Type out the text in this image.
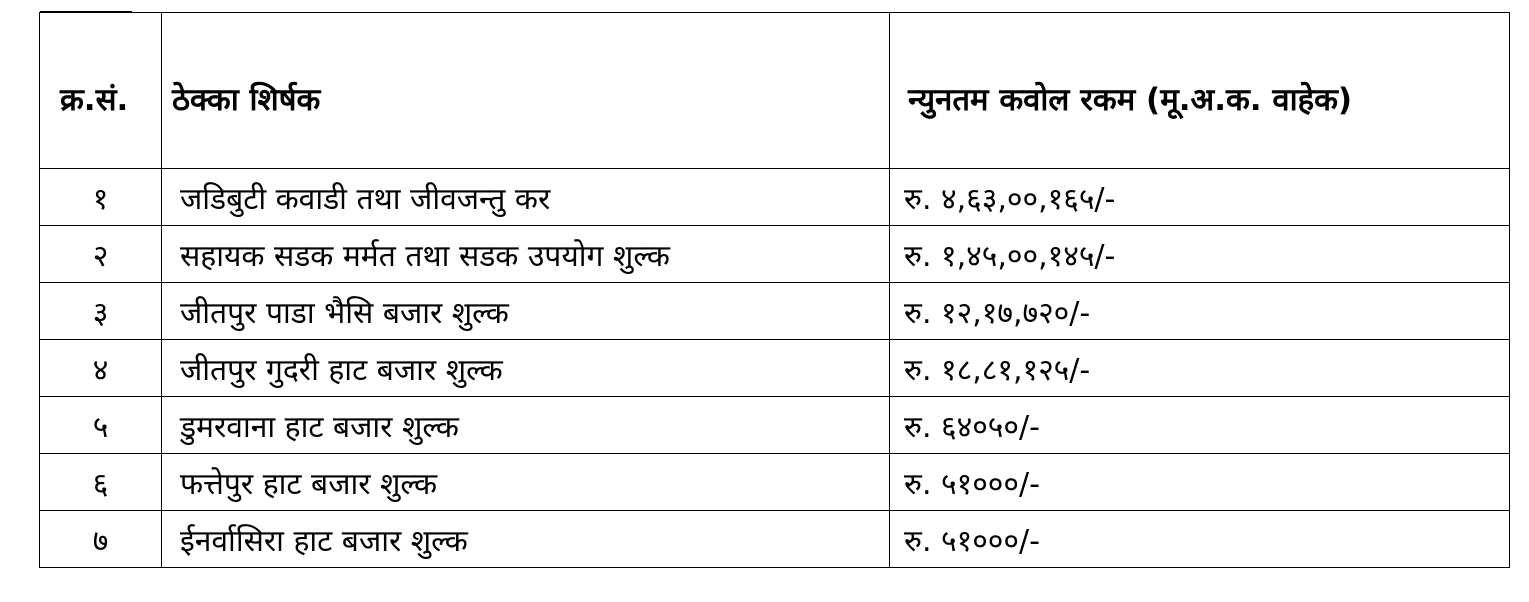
क्र.सं.	ठेक्का शिर्षक	न्युनतम कवोल रकम (मू.अ.क. वाहेक)
१	जडिबुटी कवाडी तथा जीवजन्तु कर	रु. ४,६३,००,१६५/-
२	सहायक सडक मर्मत तथा सडक उपयोग शुल्क	रु. १,४५,००,१४५/-
३	जीतपुर पाडा भैसि बजार शुल्क	रु. १२,१७,७२०/-
४	जीतपुर गुदरी हाट बजार शुल्क	रु. १८,८१,१२५/-
५	डुमरवाना हाट बजार शुल्क	रु. ६४०५०/-
६	फत्तेपुर हाट बजार शुल्क	रु. ५१०००/-
७	ईनर्वासिरा हाट बजार शुल्क	रु. ५१०००/-
